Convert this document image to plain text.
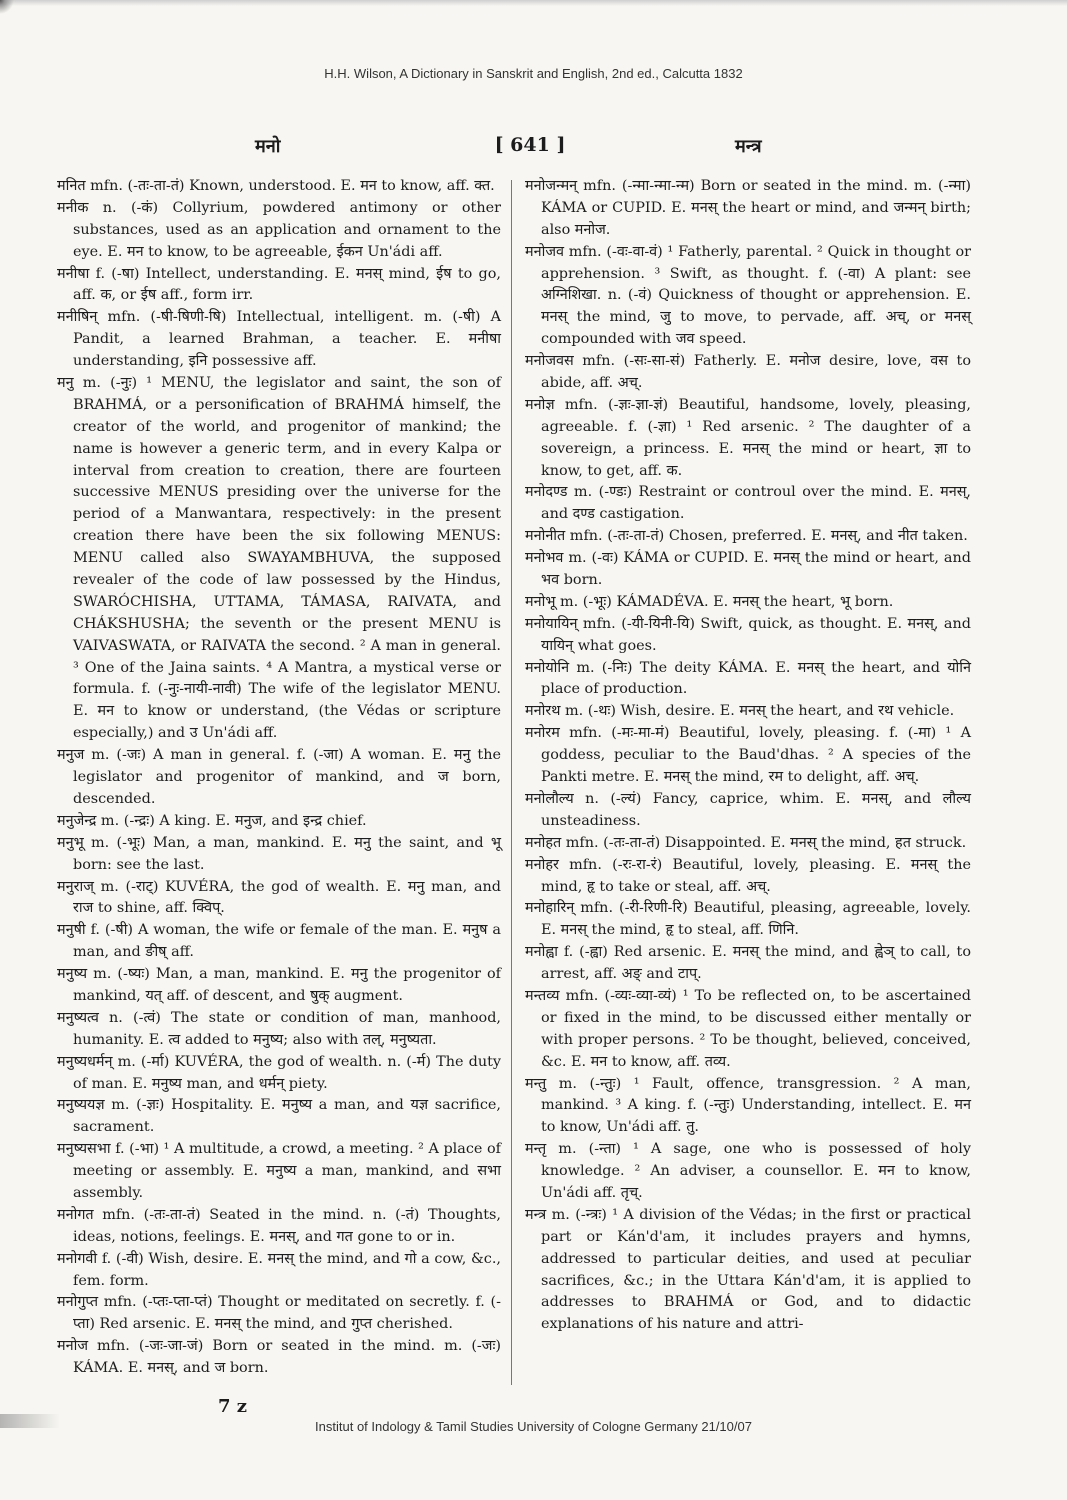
H.H. Wilson, A Dictionary in Sanskrit and English, 2nd ed., Calcutta 1832
मनो	[ 641 ]	मन्त्र

मनित mfn. (-तः-ता-तं) Known, understood. E. मन to know, aff. क्त.

मनीक n. (-कं) Collyrium, powdered antimony or other substances, used as an application and ornament to the eye. E. मन to know, to be agreeable, ईकन Un'ádi aff.

मनीषा f. (-षा) Intellect, understanding. E. मनस् mind, ईष to go, aff. क, or ईष aff., form irr.

मनीषिन् mfn. (-षी-षिणी-षि) Intellectual, intelligent. m. (-षी) A Pandit, a learned Brahman, a teacher. E. मनीषा understanding, इनि possessive aff.

मनु m. (-नुः) ¹ MENU, the legislator and saint, the son of BRAHMÁ, or a personification of BRAHMÁ himself, the creator of the world, and progenitor of mankind; the name is however a generic term, and in every Kalpa or interval from creation to creation, there are fourteen successive MENUS presiding over the universe for the period of a Manwantara, respectively: in the present creation there have been the six following MENUS: MENU called also SWAYAMBHUVA, the supposed revealer of the code of law possessed by the Hindus, SWARÓCHISHA, UTTAMA, TÁMASA, RAIVATA, and CHÁKSHUSHA; the seventh or the present MENU is VAIVASWATA, or RAIVATA the second. ² A man in general. ³ One of the Jaina saints. ⁴ A Mantra, a mystical verse or formula. f. (-नुः-नायी-नावी) The wife of the legislator MENU. E. मन to know or understand, (the Védas or scripture especially,) and उ Un'ádi aff.

मनुज m. (-जः) A man in general. f. (-जा) A woman. E. मनु the legislator and progenitor of mankind, and ज born, descended.

मनुजेन्द्र m. (-न्द्रः) A king. E. मनुज, and इन्द्र chief.

मनुभू m. (-भूः) Man, a man, mankind. E. मनु the saint, and भू born: see the last.

मनुराज् m. (-राट्) KUVÉRA, the god of wealth. E. मनु man, and राज to shine, aff. क्विप्.

मनुषी f. (-षी) A woman, the wife or female of the man. E. मनुष a man, and ङीष् aff.

मनुष्य m. (-ष्यः) Man, a man, mankind. E. मनु the progenitor of mankind, यत् aff. of descent, and षुक् augment.

मनुष्यत्व n. (-त्वं) The state or condition of man, manhood, humanity. E. त्व added to मनुष्य; also with तल्, मनुष्यता.

मनुष्यधर्मन् m. (-र्मा) KUVÉRA, the god of wealth. n. (-र्म) The duty of man. E. मनुष्य man, and धर्मन् piety.

मनुष्ययज्ञ m. (-ज्ञः) Hospitality. E. मनुष्य a man, and यज्ञ sacrifice, sacrament.

मनुष्यसभा f. (-भा) ¹ A multitude, a crowd, a meeting. ² A place of meeting or assembly. E. मनुष्य a man, mankind, and सभा assembly.

मनोगत mfn. (-तः-ता-तं) Seated in the mind. n. (-तं) Thoughts, ideas, notions, feelings. E. मनस्, and गत gone to or in.

मनोगवी f. (-वी) Wish, desire. E. मनस् the mind, and गो a cow, &c., fem. form.

मनोगुप्त mfn. (-प्तः-प्ता-प्तं) Thought or meditated on secretly. f. (-प्ता) Red arsenic. E. मनस् the mind, and गुप्त cherished.

मनोज mfn. (-जः-जा-जं) Born or seated in the mind. m. (-जः) KÁMA. E. मनस्, and ज born.

मनोजन्मन् mfn. (-न्मा-न्मा-न्म) Born or seated in the mind. m. (-न्मा) KÁMA or CUPID. E. मनस् the heart or mind, and जन्मन् birth; also मनोज.

मनोजव mfn. (-वः-वा-वं) ¹ Fatherly, parental. ² Quick in thought or apprehension. ³ Swift, as thought. f. (-वा) A plant: see अग्निशिखा. n. (-वं) Quickness of thought or apprehension. E. मनस् the mind, जु to move, to pervade, aff. अच्, or मनस् compounded with जव speed.

मनोजवस mfn. (-सः-सा-सं) Fatherly. E. मनोज desire, love, वस to abide, aff. अच्.

मनोज्ञ mfn. (-ज्ञः-ज्ञा-ज्ञं) Beautiful, handsome, lovely, pleasing, agreeable. f. (-ज्ञा) ¹ Red arsenic. ² The daughter of a sovereign, a princess. E. मनस् the mind or heart, ज्ञा to know, to get, aff. क.

मनोदण्ड m. (-ण्डः) Restraint or controul over the mind. E. मनस्, and दण्ड castigation.

मनोनीत mfn. (-तः-ता-तं) Chosen, preferred. E. मनस्, and नीत taken.

मनोभव m. (-वः) KÁMA or CUPID. E. मनस् the mind or heart, and भव born.

मनोभू m. (-भूः) KÁMADÉVA. E. मनस् the heart, भू born.

मनोयायिन् mfn. (-यी-यिनी-यि) Swift, quick, as thought. E. मनस्, and यायिन् what goes.

मनोयोनि m. (-निः) The deity KÁMA. E. मनस् the heart, and योनि place of production.

मनोरथ m. (-थः) Wish, desire. E. मनस् the heart, and रथ vehicle.

मनोरम mfn. (-मः-मा-मं) Beautiful, lovely, pleasing. f. (-मा) ¹ A goddess, peculiar to the Baud'dhas. ² A species of the Pankti metre. E. मनस् the mind, रम to delight, aff. अच्.

मनोलौल्य n. (-ल्यं) Fancy, caprice, whim. E. मनस्, and लौल्य unsteadiness.

मनोहत mfn. (-तः-ता-तं) Disappointed. E. मनस् the mind, हत struck.

मनोहर mfn. (-रः-रा-रं) Beautiful, lovely, pleasing. E. मनस् the mind, हृ to take or steal, aff. अच्.

मनोहारिन् mfn. (-री-रिणी-रि) Beautiful, pleasing, agreeable, lovely. E. मनस् the mind, हृ to steal, aff. णिनि.

मनोह्वा f. (-ह्वा) Red arsenic. E. मनस् the mind, and ह्वेञ् to call, to arrest, aff. अङ् and टाप्.

मन्तव्य mfn. (-व्यः-व्या-व्यं) ¹ To be reflected on, to be ascertained or fixed in the mind, to be discussed either mentally or with proper persons. ² To be thought, believed, conceived, &c. E. मन to know, aff. तव्य.

मन्तु m. (-न्तुः) ¹ Fault, offence, transgression. ² A man, mankind. ³ A king. f. (-न्तुः) Understanding, intellect. E. मन to know, Un'ádi aff. तु.

मन्तृ m. (-न्ता) ¹ A sage, one who is possessed of holy knowledge. ² An adviser, a counsellor. E. मन to know, Un'ádi aff. तृच्.

मन्त्र m. (-न्त्रः) ¹ A division of the Védas; in the first or practical part or Kán'd'am, it includes prayers and hymns, addressed to particular deities, and used at peculiar sacrifices, &c.; in the Uttara Kán'd'am, it is applied to addresses to BRAHMÁ or God, and to didactic explanations of his nature and attri-

7 z
Institut of Indology & Tamil Studies University of Cologne Germany 21/10/07
